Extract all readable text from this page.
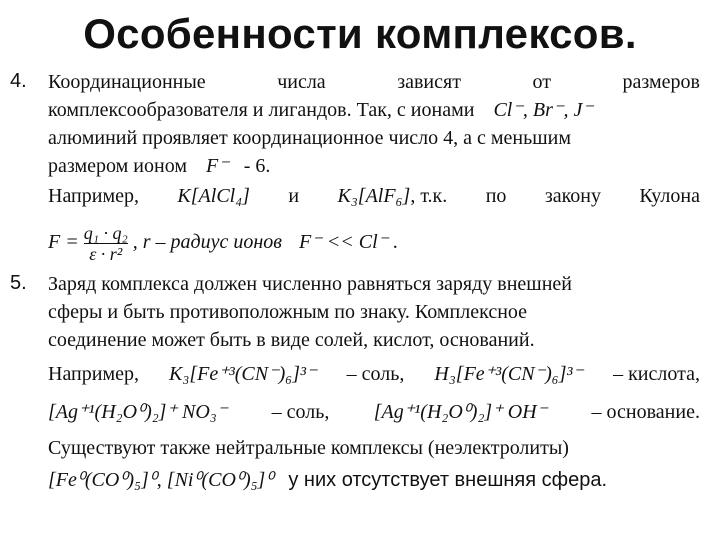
Особенности комплексов.
4. Координационные	числа	зависят	от	размеров
комплексообразователя и лигандов. Так, с ионами Cl⁻, Br⁻, J⁻
алюминий проявляет координационное число 4, а с меньшим
размером ионом F⁻ - 6.
Например, K[AlCl₄] и K₃[AlF₆], т.к. по закону Кулона
$F = \frac{\text{q₁ · q₂}}{\text{ε · r²}}$ , r – радиус ионов F⁻ << Cl⁻ .
5. Заряд комплекса должен численно равняться заряду внешней
сферы и быть противоположным по знаку. Комплексное
соединение может быть в виде солей, кислот, оснований.
Например, K₃[Fe⁺³(CN⁻)₆]³⁻ – соль, H₃[Fe⁺³(CN⁻)₆]³⁻ – кислота,
[Ag⁺¹(H₂O⁰)₂]⁺ NO₃⁻ – соль, [Ag⁺¹(H₂O⁰)₂]⁺ OH⁻ – основание.
Существуют также нейтральные комплексы (неэлектролиты)
[Fe⁰(CO⁰)₅]⁰, [Ni⁰(CO⁰)₅]⁰ у них отсутствует внешняя сфера.
